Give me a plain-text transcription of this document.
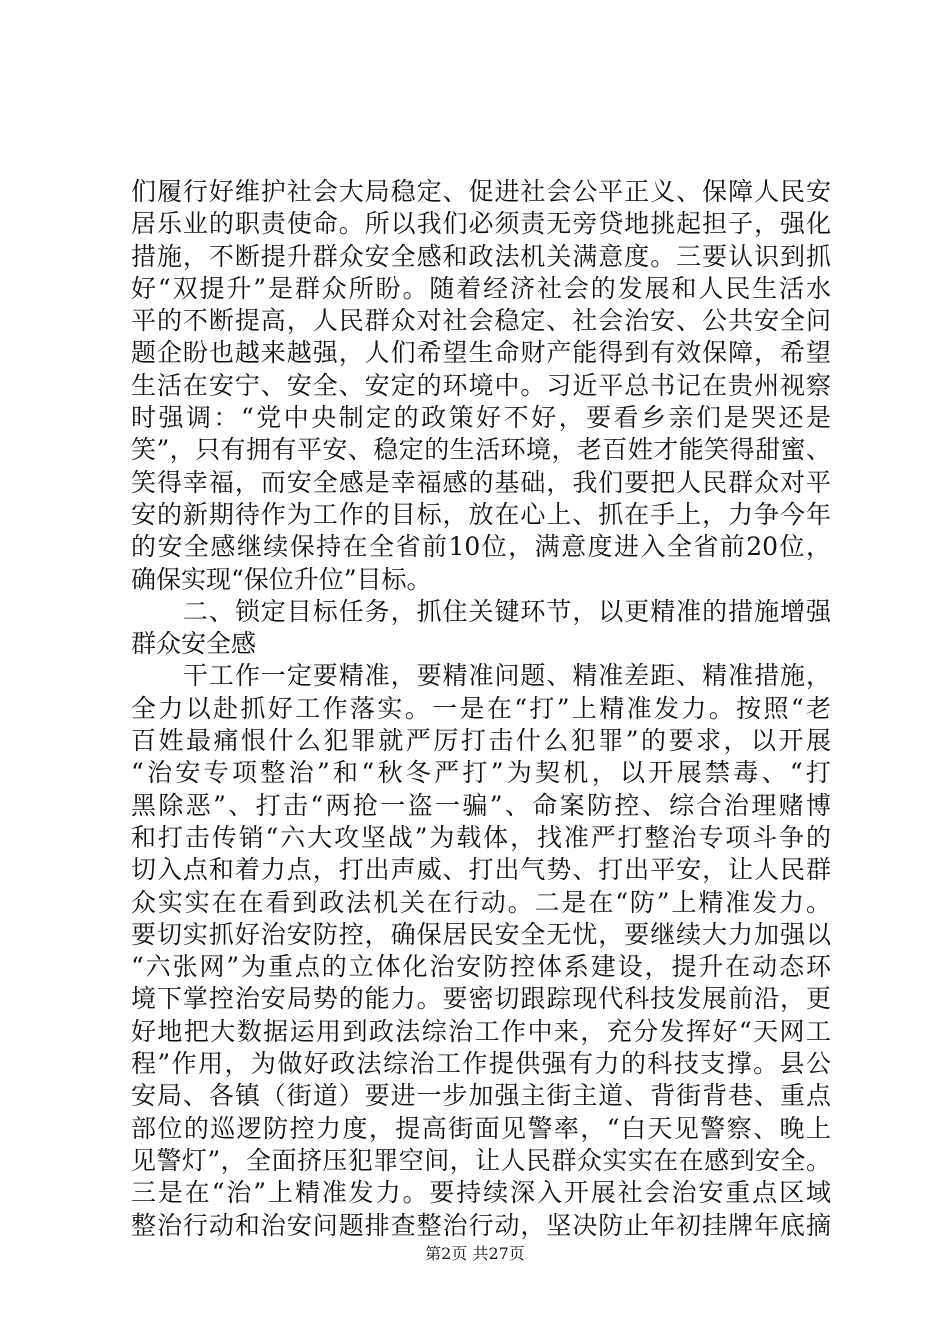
们履行好维护社会大局稳定、促进社会公平正义、保障人民安
居乐业的职责使命。所以我们必须责无旁贷地挑起担子，强化
措施，不断提升群众安全感和政法机关满意度。三要认识到抓
好“双提升”是群众所盼。随着经济社会的发展和人民生活水
平的不断提高，人民群众对社会稳定、社会治安、公共安全问
题企盼也越来越强，人们希望生命财产能得到有效保障，希望
生活在安宁、安全、安定的环境中。习近平总书记在贵州视察
时强调：“党中央制定的政策好不好，要看乡亲们是哭还是
笑”，只有拥有平安、稳定的生活环境，老百姓才能笑得甜蜜、
笑得幸福，而安全感是幸福感的基础，我们要把人民群众对平
安的新期待作为工作的目标，放在心上、抓在手上，力争今年
的安全感继续保持在全省前10位，满意度进入全省前20位，
确保实现“保位升位”目标。
　　二、锁定目标任务，抓住关键环节，以更精准的措施增强
群众安全感
　　干工作一定要精准，要精准问题、精准差距、精准措施，
全力以赴抓好工作落实。一是在“打”上精准发力。按照“老
百姓最痛恨什么犯罪就严厉打击什么犯罪”的要求，以开展
“治安专项整治”和“秋冬严打”为契机，以开展禁毒、“打
黑除恶”、打击“两抢一盗一骗”、命案防控、综合治理赌博
和打击传销“六大攻坚战”为载体，找准严打整治专项斗争的
切入点和着力点，打出声威、打出气势、打出平安，让人民群
众实实在在看到政法机关在行动。二是在“防”上精准发力。
要切实抓好治安防控，确保居民安全无忧，要继续大力加强以
“六张网”为重点的立体化治安防控体系建设，提升在动态环
境下掌控治安局势的能力。要密切跟踪现代科技发展前沿，更
好地把大数据运用到政法综治工作中来，充分发挥好“天网工
程”作用，为做好政法综治工作提供强有力的科技支撑。县公
安局、各镇（街道）要进一步加强主街主道、背街背巷、重点
部位的巡逻防控力度，提高街面见警率，“白天见警察、晚上
见警灯”，全面挤压犯罪空间，让人民群众实实在在感到安全。
三是在“治”上精准发力。要持续深入开展社会治安重点区域
整治行动和治安问题排查整治行动，坚决防止年初挂牌年底摘
第2页 共27页
